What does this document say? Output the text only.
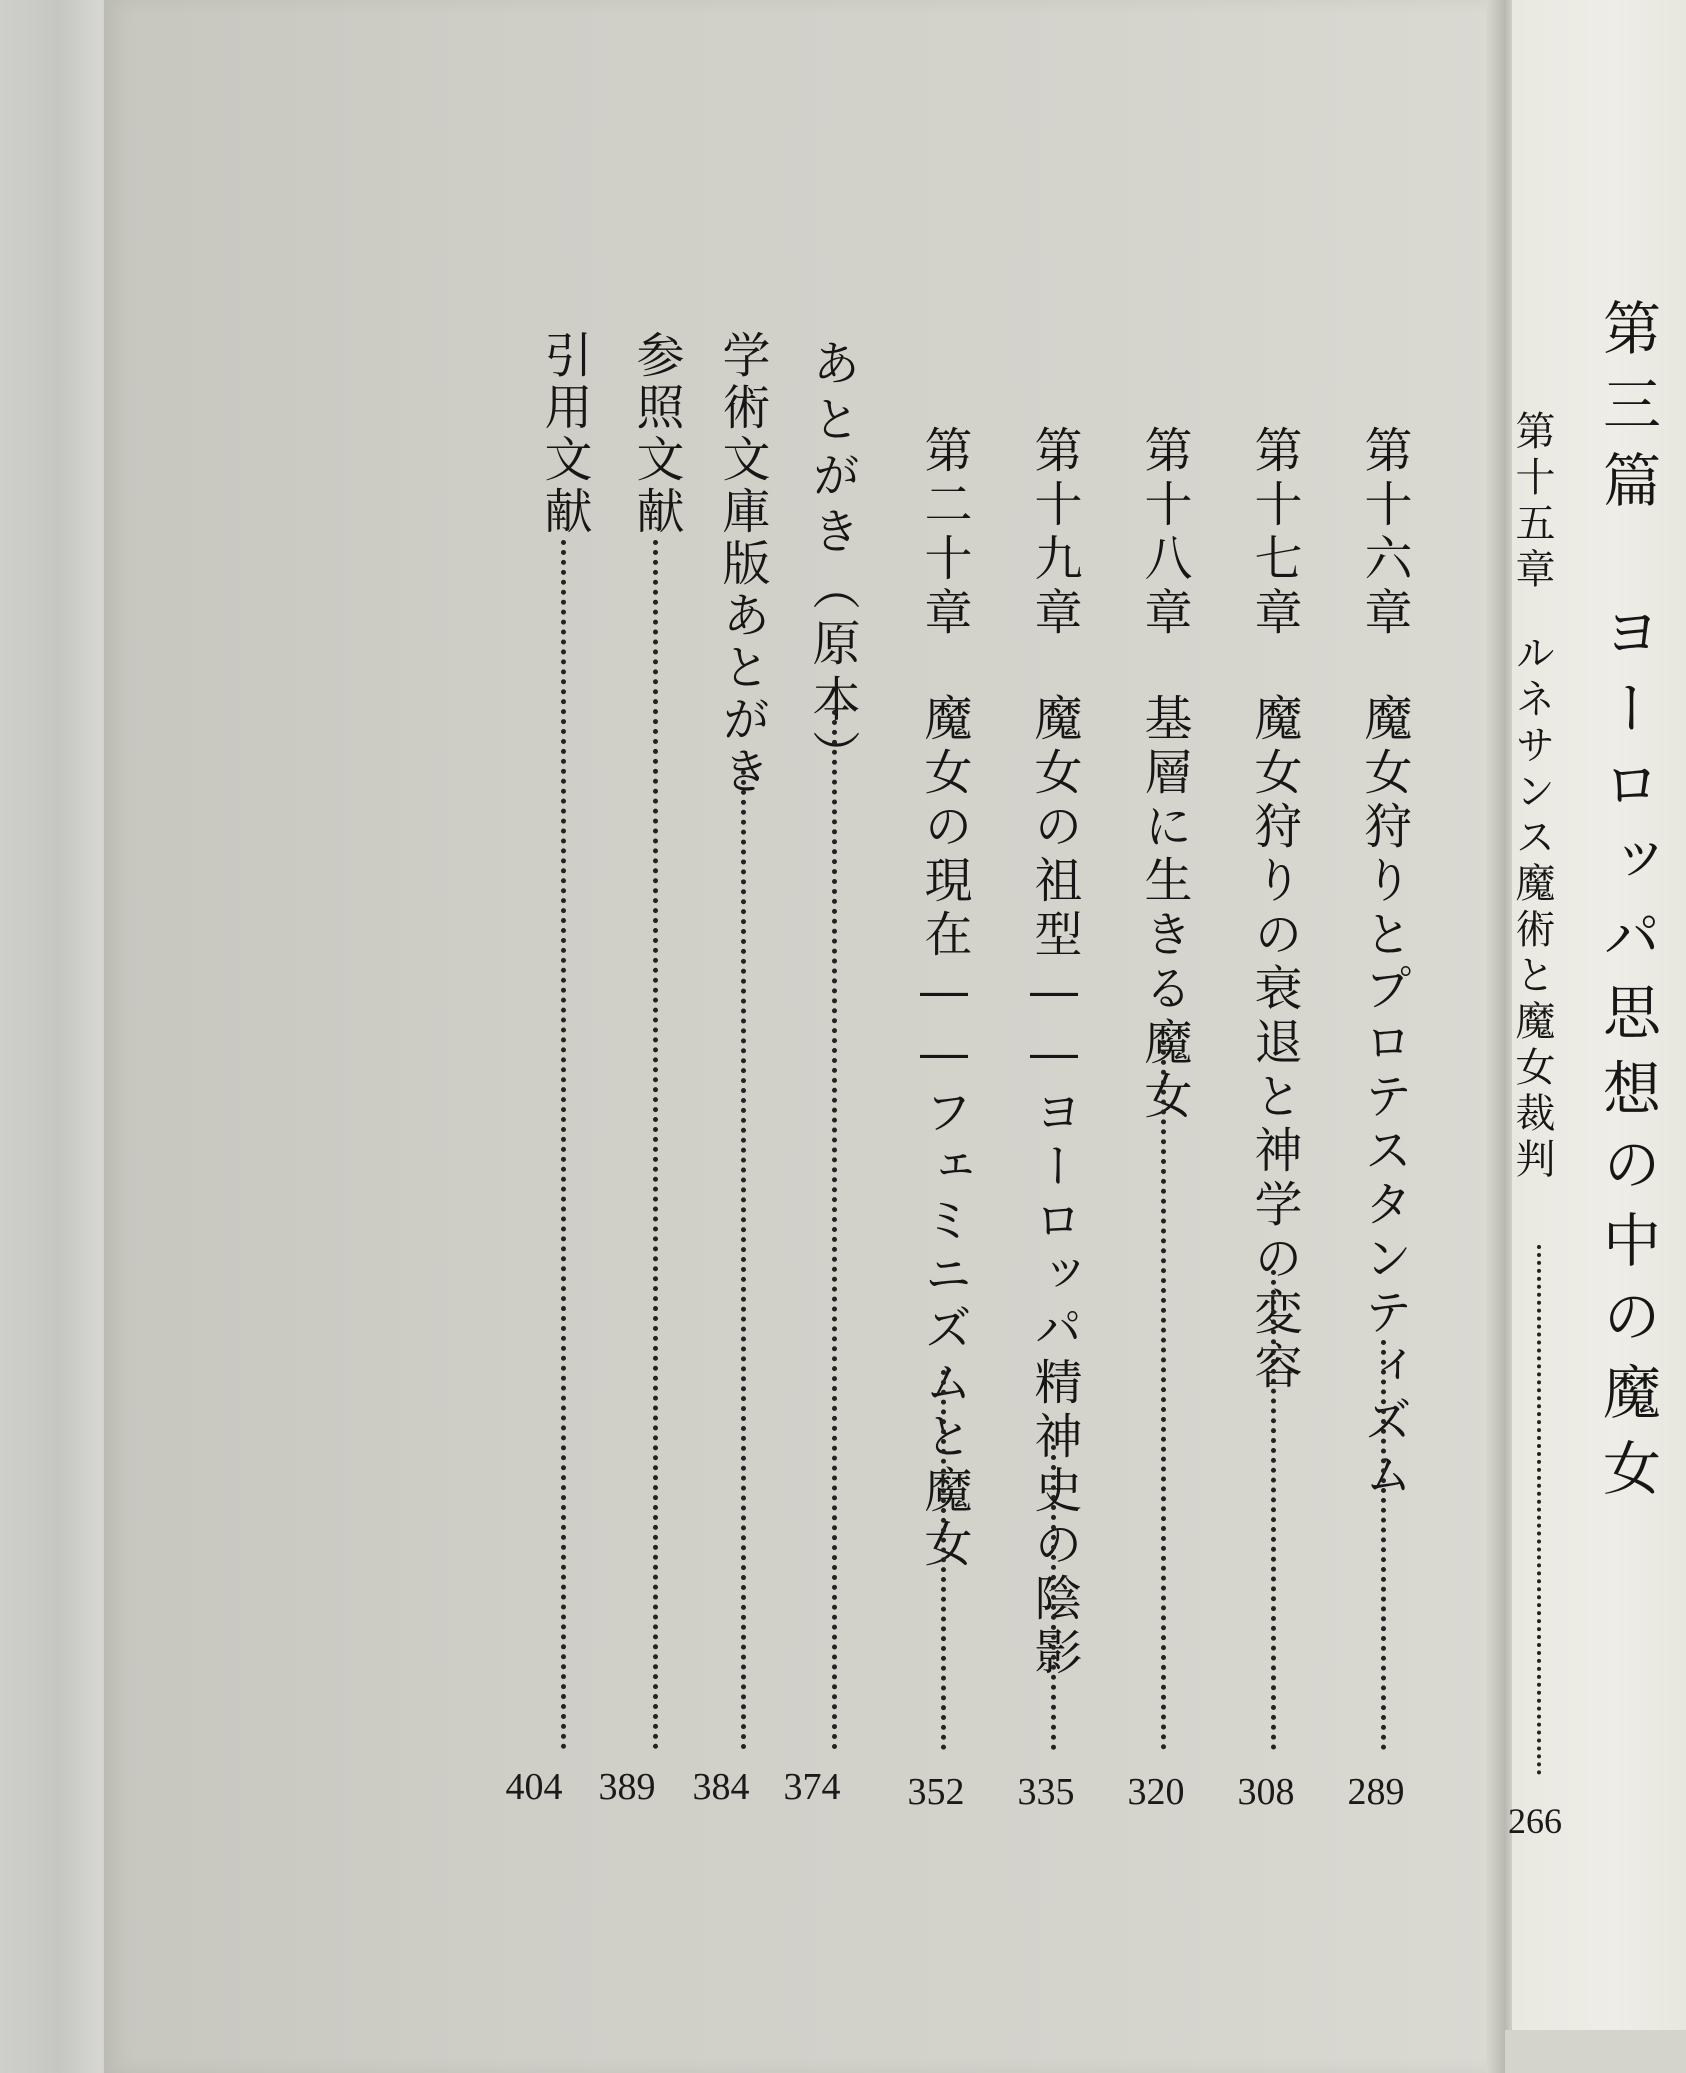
第三篇　ヨーロッパ思想の中の魔女
第十五章ルネサンス魔術と魔女裁判
266
第十六章魔女狩りとプロテスタンティズム
289
第十七章魔女狩りの衰退と神学の変容
308
第十八章基層に生きる魔女
320
第十九章魔女の祖型――ヨーロッパ精神史の陰影
335
第二十章魔女の現在――フェミニズムと魔女
352
あとがき（原本）
374
学術文庫版あとがき
384
参照文献
389
引用文献
404
